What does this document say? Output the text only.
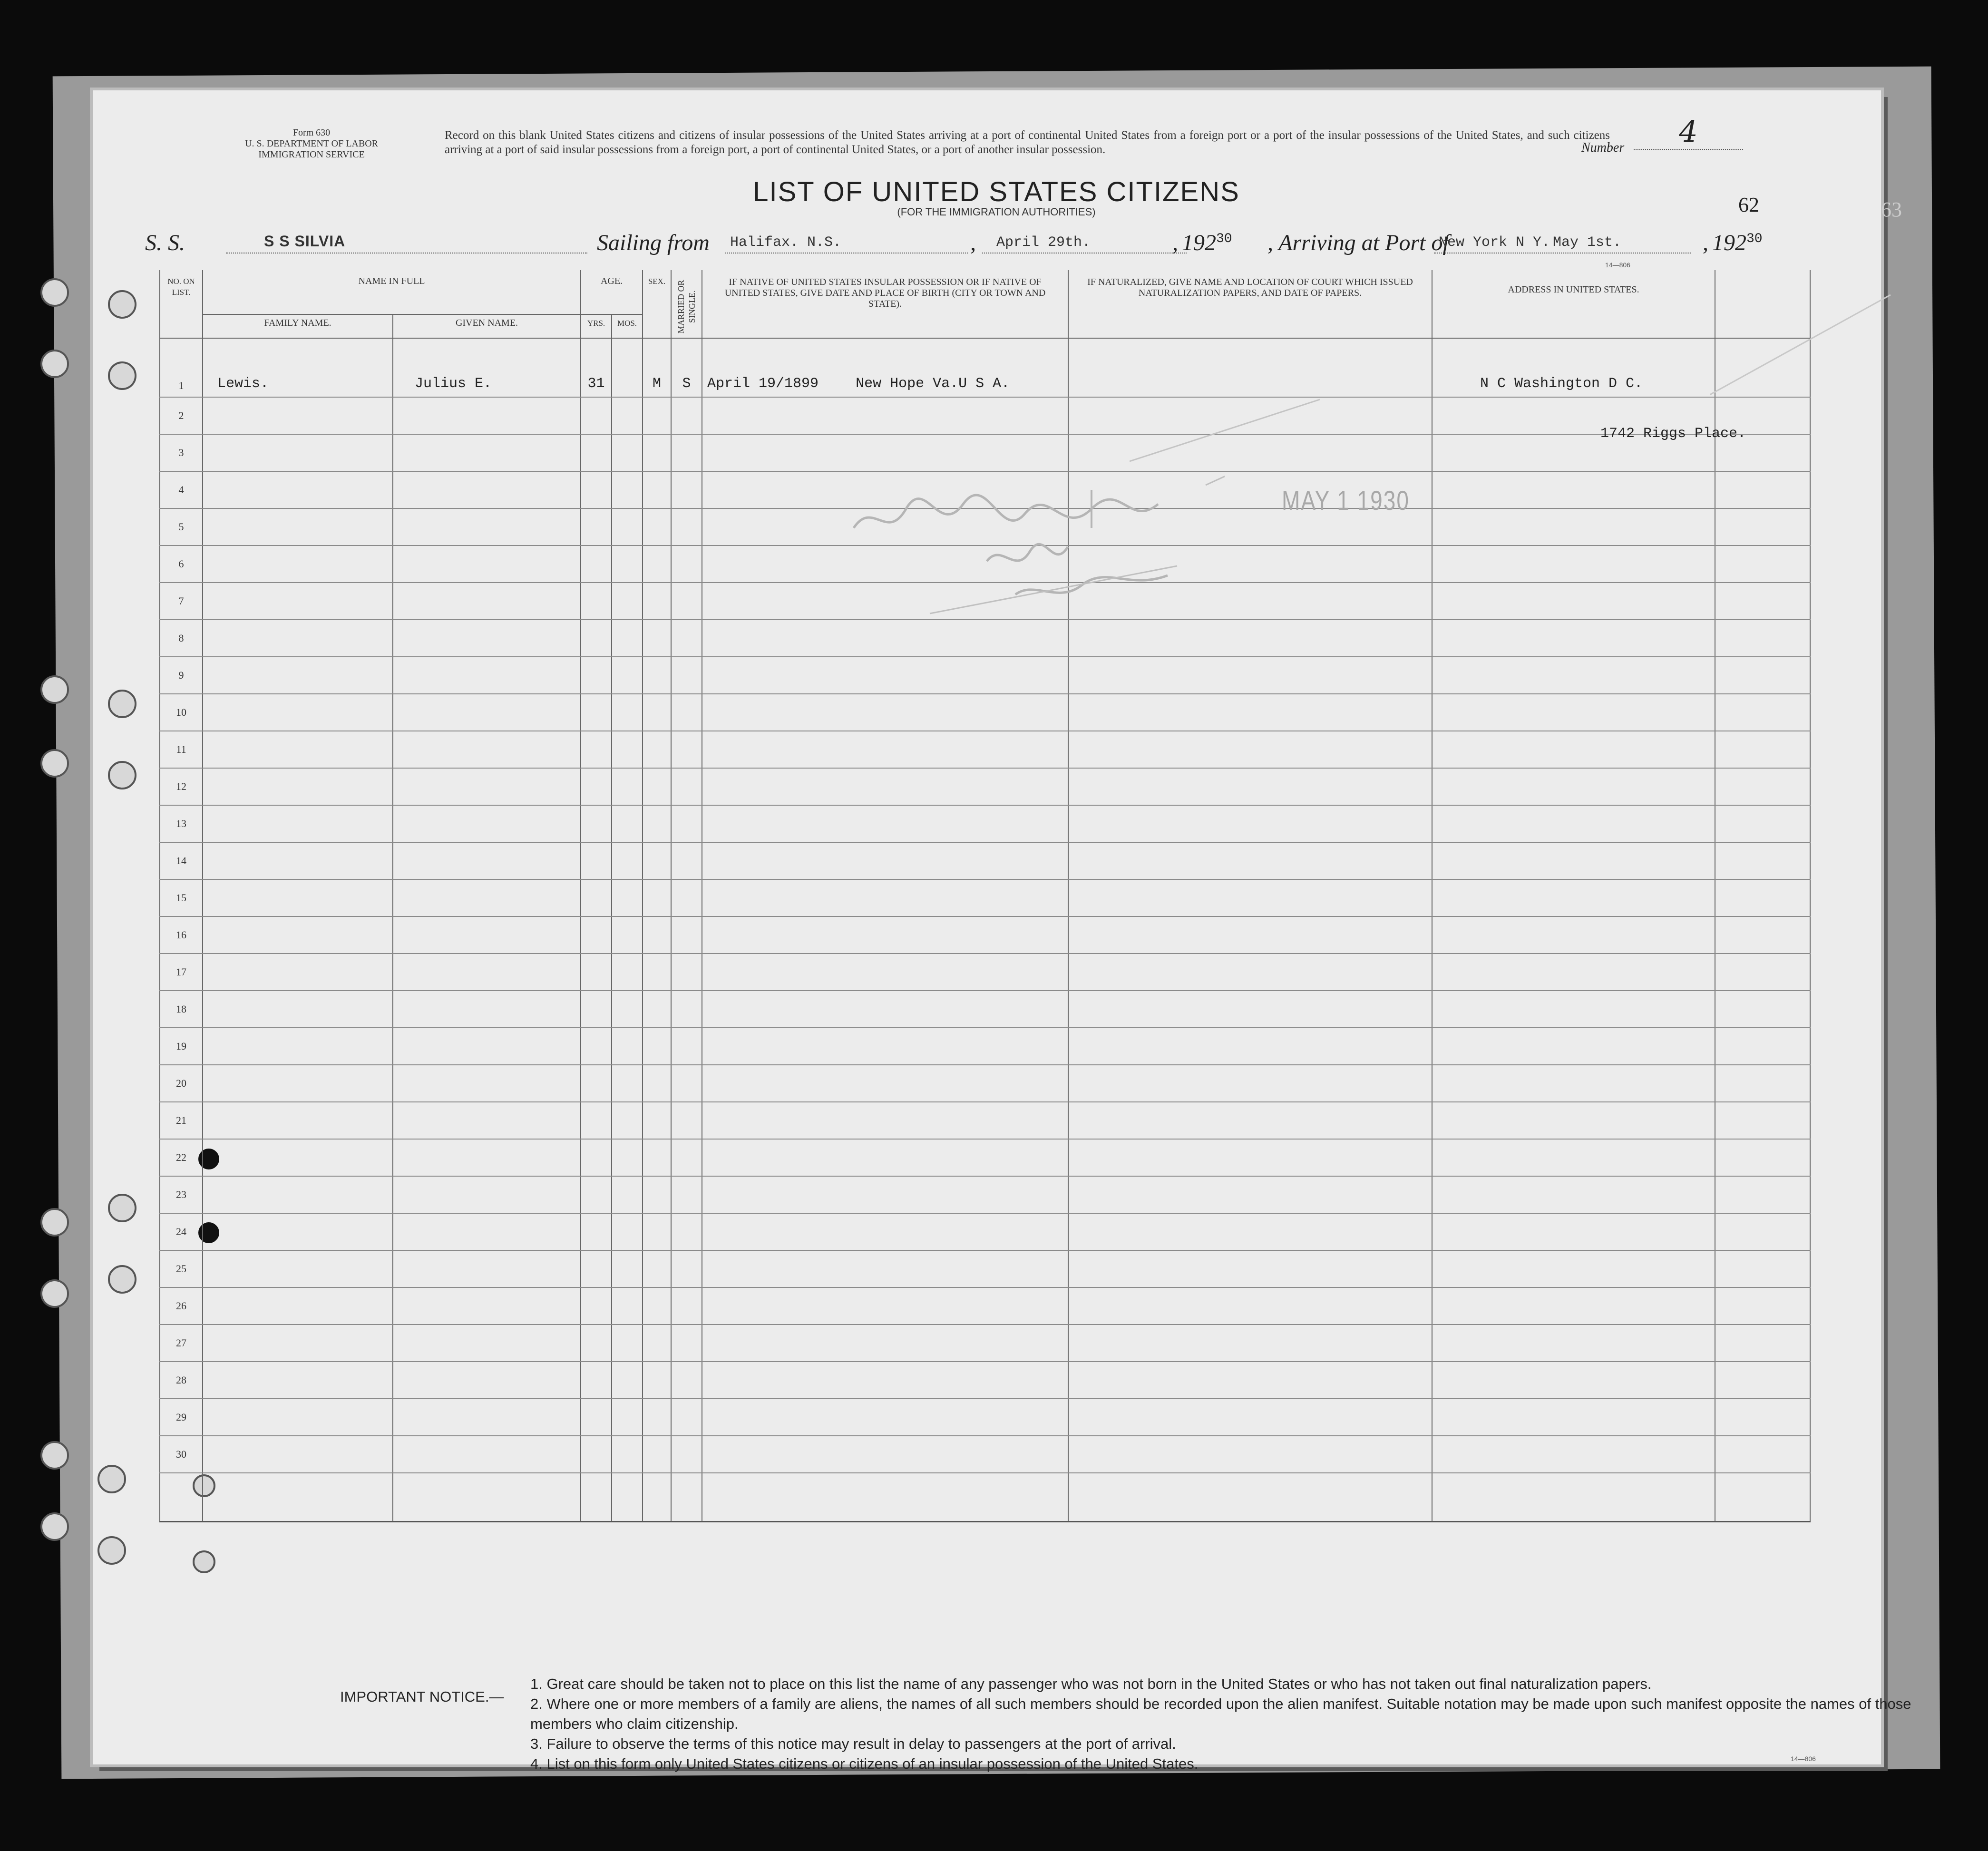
Form 630
U. S. DEPARTMENT OF LABOR
IMMIGRATION SERVICE
Record on this blank United States citizens and citizens of insular possessions of the United States arriving at a port of continental United States from a foreign port or a port of the insular possessions of the United States, and such citizens arriving at a port of said insular possessions from a foreign port, a port of continental United States, or a port of another insular possession.	Number	4
62
LIST OF UNITED STATES CITIZENS
(FOR THE IMMIGRATION AUTHORITIES)
S. S.	S S SILVIA	Sailing from Halifax. N.S.	, April 29th.	, $192^{30}$ , Arriving at Port of
New York N Y. May 1st.	, $192^{30}$
14—806
NO. ON LIST.	NAME IN FULL		AGE.		SEX.	MARRIED OR SINGLE.	IF NATIVE OF UNITED STATES INSULAR POSSESSION OR IF NATIVE OF UNITED STATES, GIVE DATE AND PLACE OF BIRTH (CITY OR TOWN AND STATE).	IF NATURALIZED, GIVE NAME AND LOCATION OF COURT WHICH ISSUED NATURALIZATION PAPERS, AND DATE OF PAPERS.	ADDRESS IN UNITED STATES.	
	FAMILY NAME.	GIVEN NAME.	YRS.	MOS.						
1	Lewis.	Julius E.	31		M	S	April 19/1899 New Hope Va.U S A.		N C Washington D C.	
2										
3										
4										
5										
6										
7										
8										
9										
10										
11										
12										
13										
14										
15										
16										
17										
18										
19										
20										
21										
22										
23										
24										
25										
26										
27										
28										
29										
30										

1742 Riggs Place.
MAY 1 1930
IMPORTANT NOTICE.—
1. Great care should be taken not to place on this list the name of any passenger who was not born in the United States or who has not taken out final naturalization papers.
2. Where one or more members of a family are aliens, the names of all such members should be recorded upon the alien manifest. Suitable notation may be made upon such manifest opposite the names of those members who claim citizenship.
3. Failure to observe the terms of this notice may result in delay to passengers at the port of arrival.
4. List on this form only United States citizens or citizens of an insular possession of the United States.	14—806
63
